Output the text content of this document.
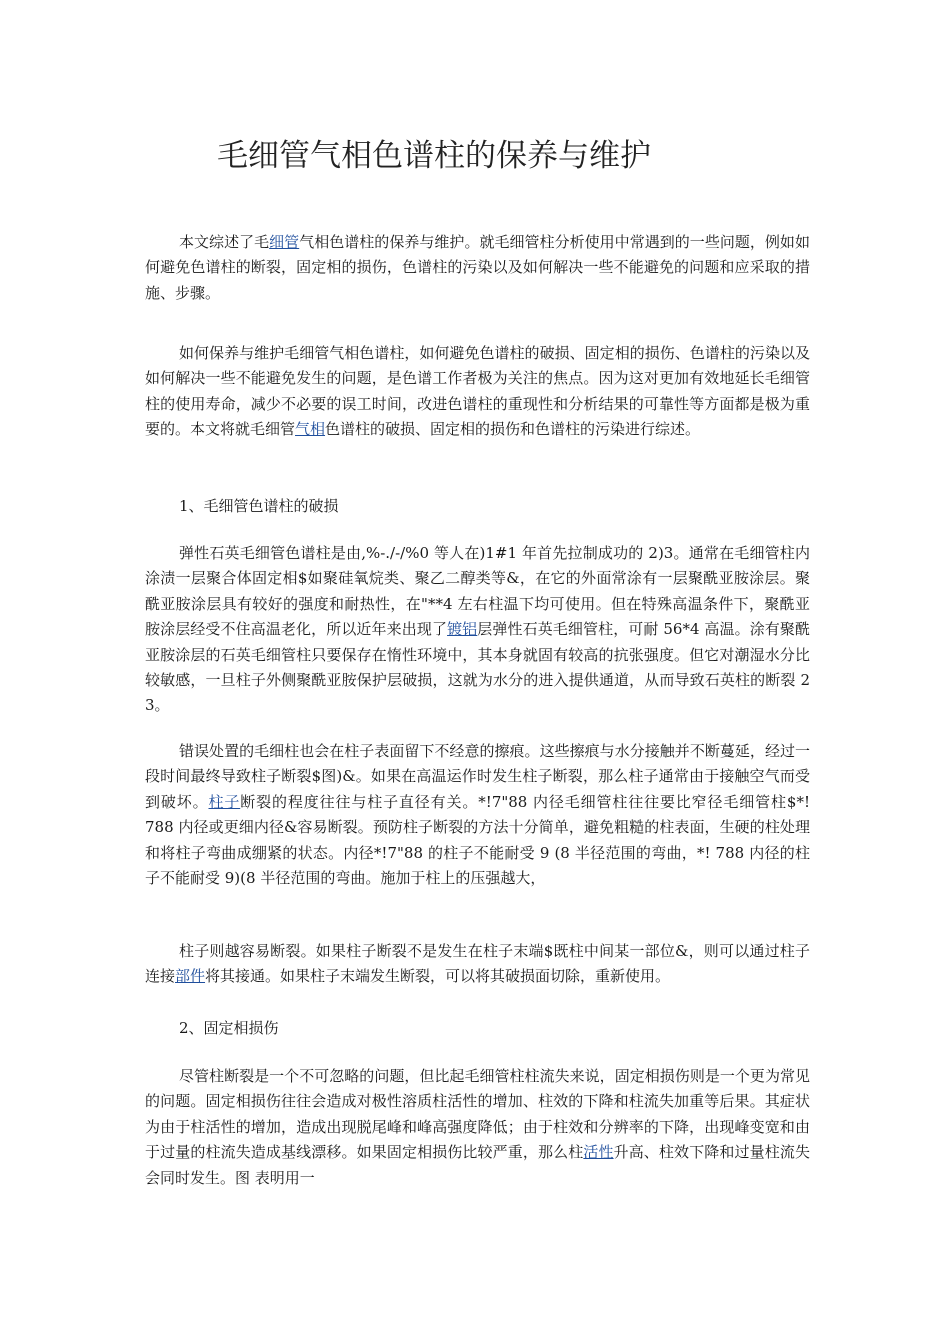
毛细管气相色谱柱的保养与维护

本文综述了毛细管气相色谱柱的保养与维护。就毛细管柱分析使用中常遇到的一些问题，例如如何避免色谱柱的断裂，固定相的损伤，色谱柱的污染以及如何解决一些不能避免的问题和应采取的措施、步骤。

如何保养与维护毛细管气相色谱柱，如何避免色谱柱的破损、固定相的损伤、色谱柱的污染以及如何解决一些不能避免发生的问题，是色谱工作者极为关注的焦点。因为这对更加有效地延长毛细管柱的使用寿命，减少不必要的误工时间，改进色谱柱的重现性和分析结果的可靠性等方面都是极为重要的。本文将就毛细管气相色谱柱的破损、固定相的损伤和色谱柱的污染进行综述。

1、毛细管色谱柱的破损

弹性石英毛细管色谱柱是由,%-./-/%0 等人在)1#1 年首先拉制成功的 2)3。通常在毛细管柱内涂渍一层聚合体固定相$如聚硅氧烷类、聚乙二醇类等&，在它的外面常涂有一层聚酰亚胺涂层。聚酰亚胺涂层具有较好的强度和耐热性，在"**4 左右柱温下均可使用。但在特殊高温条件下，聚酰亚胺涂层经受不住高温老化，所以近年来出现了镀铝层弹性石英毛细管柱，可耐 56*4 高温。涂有聚酰亚胺涂层的石英毛细管柱只要保存在惰性环境中，其本身就固有较高的抗张强度。但它对潮湿水分比较敏感，一旦柱子外侧聚酰亚胺保护层破损，这就为水分的进入提供通道，从而导致石英柱的断裂 2 3。

错误处置的毛细柱也会在柱子表面留下不经意的擦痕。这些擦痕与水分接触并不断蔓延，经过一段时间最终导致柱子断裂$图)&。如果在高温运作时发生柱子断裂，那么柱子通常由于接触空气而受到破坏。柱子断裂的程度往往与柱子直径有关。*!7"88 内径毛细管柱往往要比窄径毛细管柱$*! 788 内径或更细内径&容易断裂。预防柱子断裂的方法十分简单，避免粗糙的柱表面，生硬的柱处理和将柱子弯曲成绷紧的状态。内径*!7"88 的柱子不能耐受 9 (8 半径范围的弯曲，*! 788 内径的柱子不能耐受 9)(8 半径范围的弯曲。施加于柱上的压强越大，

柱子则越容易断裂。如果柱子断裂不是发生在柱子末端$既柱中间某一部位&，则可以通过柱子连接部件将其接通。如果柱子末端发生断裂，可以将其破损面切除，重新使用。

2、固定相损伤

尽管柱断裂是一个不可忽略的问题，但比起毛细管柱柱流失来说，固定相损伤则是一个更为常见的问题。固定相损伤往往会造成对极性溶质柱活性的增加、柱效的下降和柱流失加重等后果。其症状为由于柱活性的增加，造成出现脱尾峰和峰高强度降低；由于柱效和分辨率的下降，出现峰变宽和由于过量的柱流失造成基线漂移。如果固定相损伤比较严重，那么柱活性升高、柱效下降和过量柱流失会同时发生。图 表明用一
